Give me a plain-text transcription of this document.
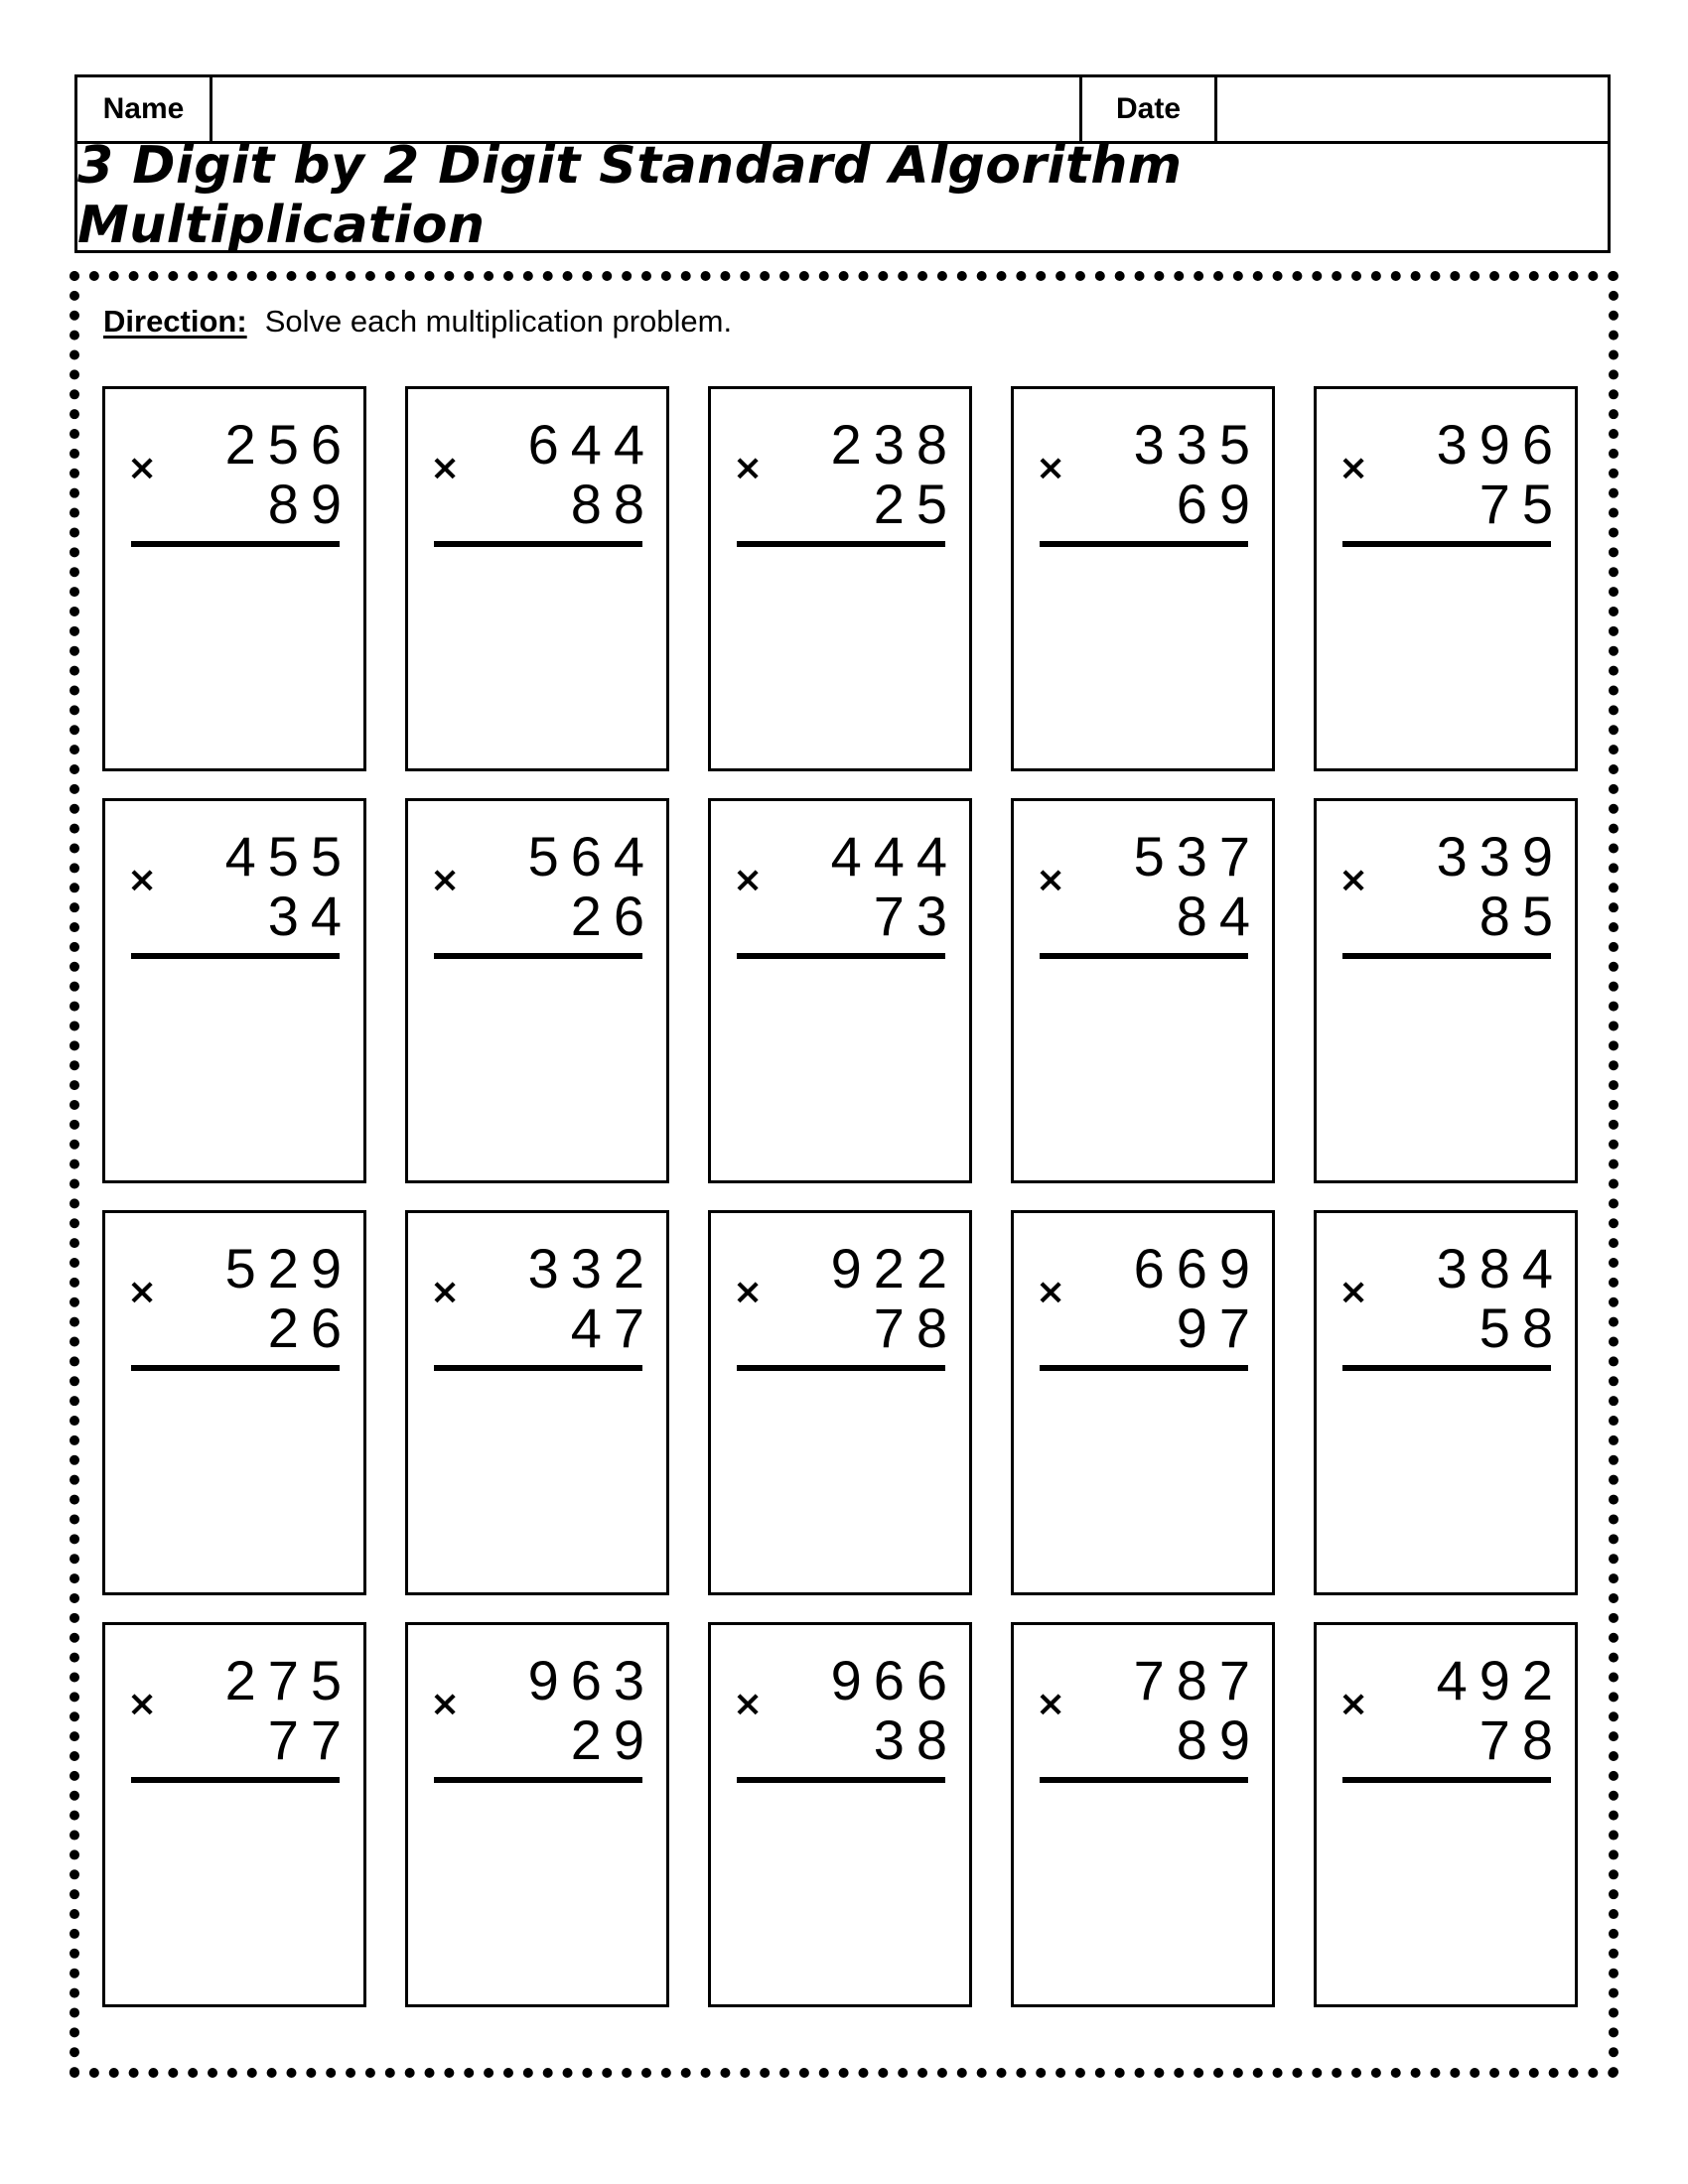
Name	Date
3 Digit by 2 Digit Standard Algorithm Multiplication
Direction: Solve each multiplication problem.
× 256
89
× 644
88
× 238
25
× 335
69
× 396
75
× 455
34
× 564
26
× 444
73
× 537
84
× 339
85
× 529
26
× 332
47
× 922
78
× 669
97
× 384
58
× 275
77
× 963
29
× 966
38
× 787
89
× 492
78
